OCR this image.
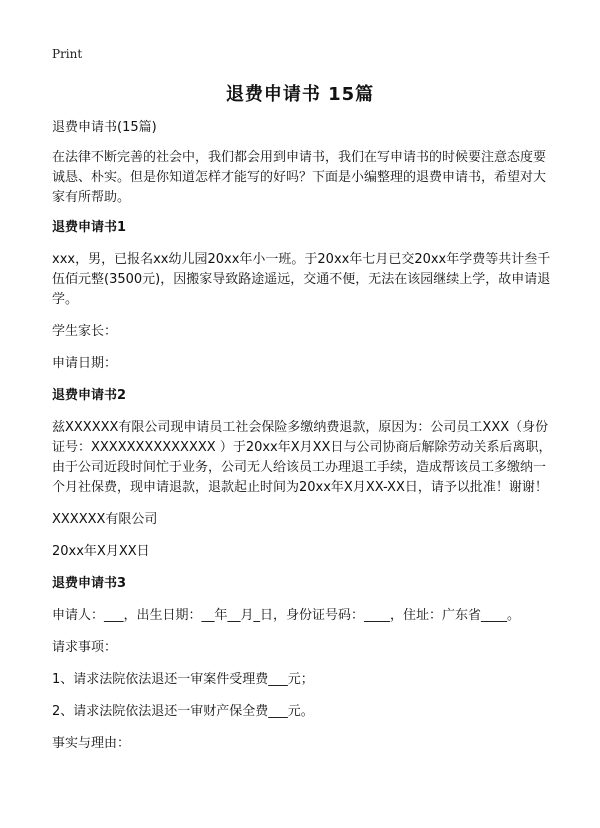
Print
退费申请书 15篇

退费申请书(15篇)

在法律不断完善的社会中，我们都会用到申请书，我们在写申请书的时候要注意态度要诚恳、朴实。但是你知道怎样才能写的好吗？下面是小编整理的退费申请书，希望对大家有所帮助。

退费申请书1

xxx，男，已报名xx幼儿园20xx年小一班。于20xx年七月已交20xx年学费等共计叁千伍佰元整(3500元)，因搬家导致路途遥远，交通不便，无法在该园继续上学，故申请退学。

学生家长：

申请日期：

退费申请书2

兹XXXXXX有限公司现申请员工社会保险多缴纳费退款，原因为：公司员工XXX（身份证号：XXXXXXXXXXXXXX ）于20xx年X月XX日与公司协商后解除劳动关系后离职，由于公司近段时间忙于业务，公司无人给该员工办理退工手续，造成帮该员工多缴纳一个月社保费，现申请退款，退款起止时间为20xx年X月XX-XX日，请予以批准！谢谢！

XXXXXX有限公司

20xx年X月XX日

退费申请书3

申请人：___，出生日期：__年__月_日，身份证号码：____，住址：广东省____。

请求事项：

1、请求法院依法退还一审案件受理费___元；

2、请求法院依法退还一审财产保全费___元。

事实与理由：
